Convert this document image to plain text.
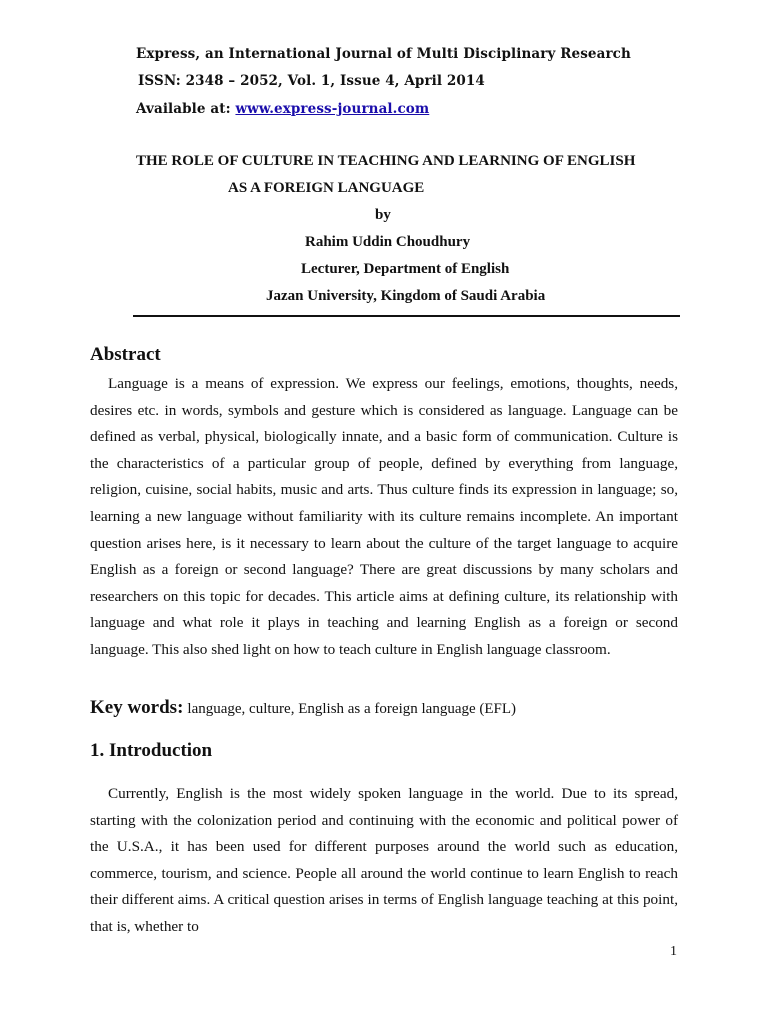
Express, an International Journal of Multi Disciplinary Research
ISSN: 2348 – 2052, Vol. 1, Issue 4, April 2014
Available at: www.express-journal.com
THE ROLE OF CULTURE IN TEACHING AND LEARNING OF ENGLISH
AS A FOREIGN LANGUAGE
by
Rahim Uddin Choudhury
Lecturer, Department of English
Jazan University, Kingdom of Saudi Arabia
Abstract

Language is a means of expression. We express our feelings, emotions, thoughts, needs, desires etc. in words, symbols and gesture which is considered as language. Language can be defined as verbal, physical, biologically innate, and a basic form of communication. Culture is the characteristics of a particular group of people, defined by everything from language, religion, cuisine, social habits, music and arts. Thus culture finds its expression in language; so, learning a new language without familiarity with its culture remains incomplete. An important question arises here, is it necessary to learn about the culture of the target language to acquire English as a foreign or second language? There are great discussions by many scholars and researchers on this topic for decades. This article aims at defining culture, its relationship with language and what role it plays in teaching and learning English as a foreign or second language. This also shed light on how to teach culture in English language classroom.

Key words: language, culture, English as a foreign language (EFL)
1. Introduction

Currently, English is the most widely spoken language in the world. Due to its spread, starting with the colonization period and continuing with the economic and political power of the U.S.A., it has been used for different purposes around the world such as education, commerce, tourism, and science. People all around the world continue to learn English to reach their different aims. A critical question arises in terms of English language teaching at this point, that is, whether to

1
